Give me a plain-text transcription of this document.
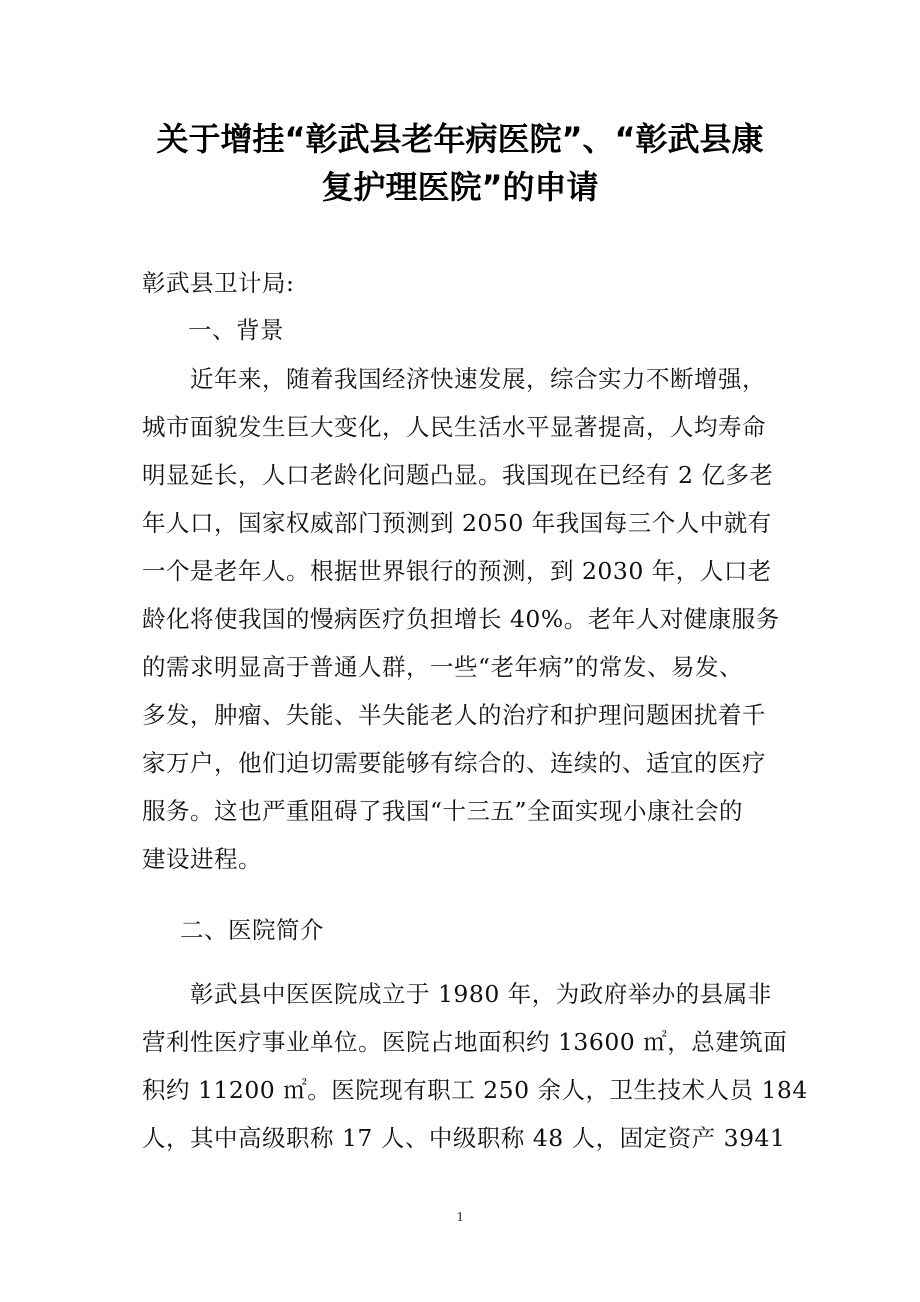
关于增挂“彰武县老年病医院”、“彰武县康
复护理医院”的申请
彰武县卫计局:
一、背景
近年来，随着我国经济快速发展，综合实力不断增强，
城市面貌发生巨大变化，人民生活水平显著提高，人均寿命
明显延长，人口老龄化问题凸显。我国现在已经有 2 亿多老
年人口，国家权威部门预测到 2050 年我国每三个人中就有
一个是老年人。根据世界银行的预测，到 2030 年，人口老
龄化将使我国的慢病医疗负担增长 40%。老年人对健康服务
的需求明显高于普通人群，一些“老年病”的常发、易发、
多发，肿瘤、失能、半失能老人的治疗和护理问题困扰着千
家万户，他们迫切需要能够有综合的、连续的、适宜的医疗
服务。这也严重阻碍了我国“十三五”全面实现小康社会的
建设进程。
二、医院简介
彰武县中医医院成立于 1980 年，为政府举办的县属非
营利性医疗事业单位。医院占地面积约 13600 ㎡，总建筑面
积约 11200 ㎡。医院现有职工 250 余人，卫生技术人员 184
人，其中高级职称 17 人、中级职称 48 人，固定资产 3941
1
